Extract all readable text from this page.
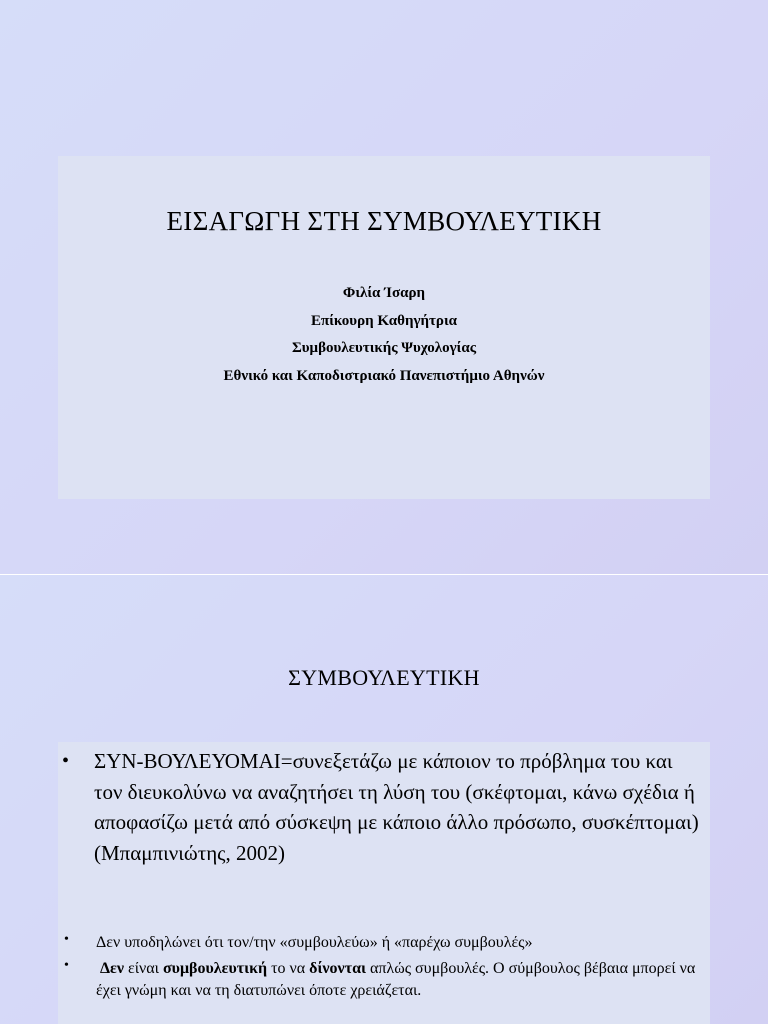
ΕΙΣΑΓΩΓΗ ΣΤΗ ΣΥΜΒΟΥΛΕΥΤΙΚΗ
Φιλία Ίσαρη
Επίκουρη Καθηγήτρια
Συμβουλευτικής Ψυχολογίας
Εθνικό και Καποδιστριακό Πανεπιστήμιο Αθηνών
ΣΥΜΒΟΥΛΕΥΤΙΚΗ
• ΣΥΝ-ΒΟΥΛΕΥΟΜΑΙ=συνεξετάζω με κάποιον το πρόβλημα του και τον διευκολύνω να αναζητήσει τη λύση του (σκέφτομαι, κάνω σχέδια ή αποφασίζω μετά από σύσκεψη με κάποιο άλλο πρόσωπο, συσκέπτομαι) (Μπαμπινιώτης, 2002)
• Δεν υποδηλώνει ότι τον/την «συμβουλεύω» ή «παρέχω συμβουλές»
• Δεν είναι συμβουλευτική το να δίνονται απλώς συμβουλές. Ο σύμβουλος βέβαια μπορεί να έχει γνώμη και να τη διατυπώνει όποτε χρειάζεται.
